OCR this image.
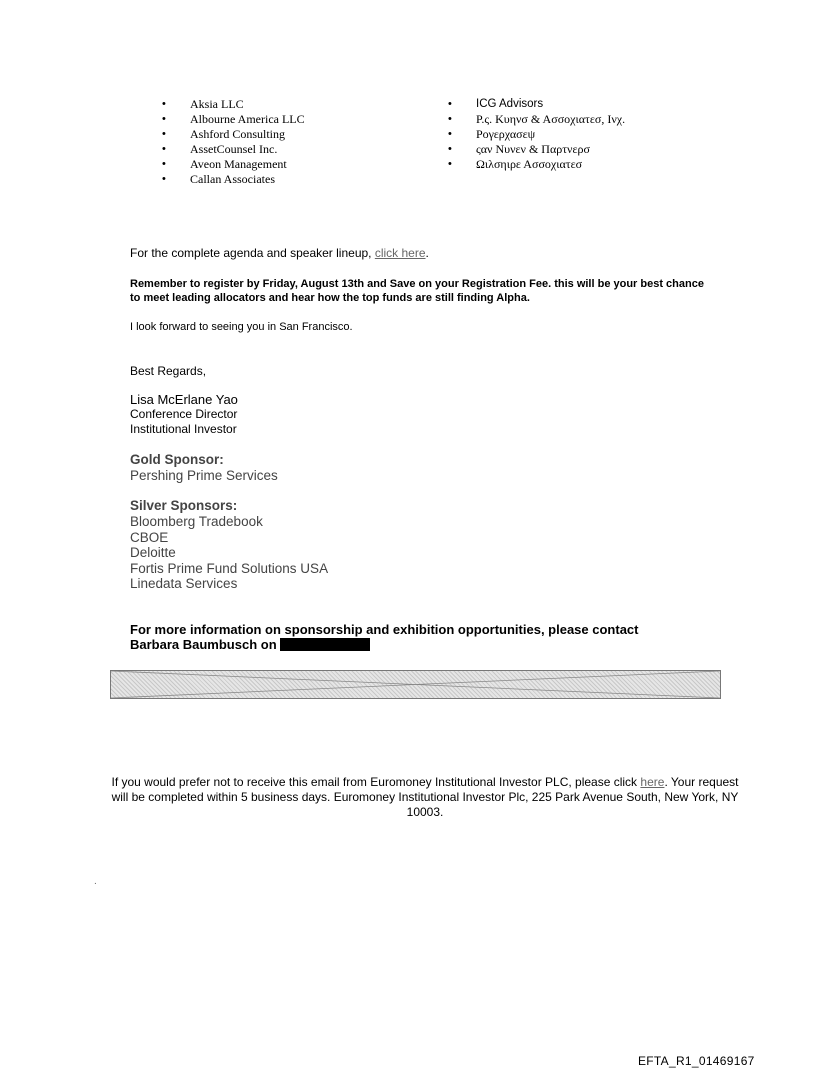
• Aksia LLC
• Albourne America LLC
• Ashford Consulting
• AssetCounsel Inc.
• Aveon Management
• Callan Associates
• ICG Advisors
• Ρ.ς. Κυηνσ & Ασσοχιατεσ, Ινχ.
• Ρογερχασεψ
• ςαν Νυνεν & Παρτνερσ
• Ωιλσηιρε Ασσοχιατεσ
For the complete agenda and speaker lineup, click here.
Remember to register by Friday, August 13th and Save on your Registration Fee. this will be your best chance to meet leading allocators and hear how the top funds are still finding Alpha.
I look forward to seeing you in San Francisco.
Best Regards,
Lisa McErlane Yao
Conference Director
Institutional Investor
Gold Sponsor:
Pershing Prime Services
Silver Sponsors:
Bloomberg Tradebook
CBOE
Deloitte
Fortis Prime Fund Solutions USA
Linedata Services
For more information on sponsorship and exhibition opportunities, please contact
Barbara Baumbusch on
If you would prefer not to receive this email from Euromoney Institutional Investor PLC, please click here. Your request will be completed within 5 business days. Euromoney Institutional Investor Plc, 225 Park Avenue South, New York, NY 10003.
.
EFTA_R1_01469167
